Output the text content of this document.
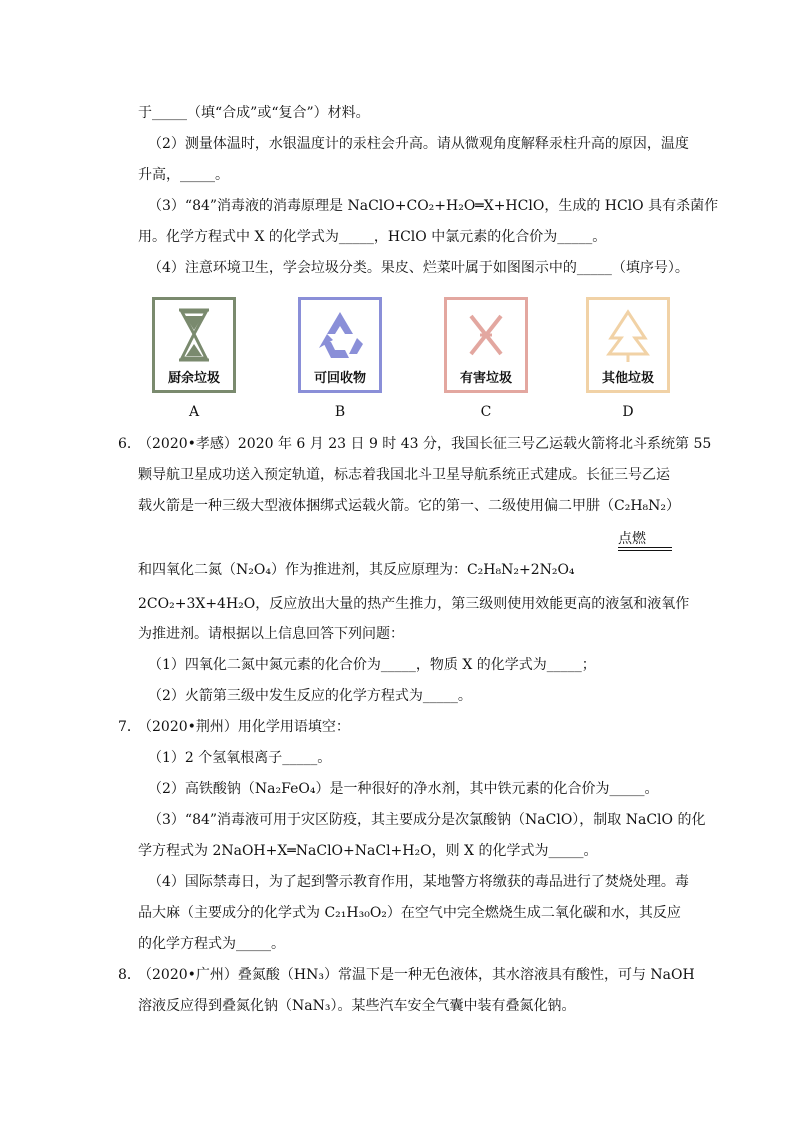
于_____（填“合成”或“复合”）材料。
（2）测量体温时，水银温度计的汞柱会升高。请从微观角度解释汞柱升高的原因，温度
升高，_____。
（3）“84”消毒液的消毒原理是 NaClO+CO₂+H₂O═X+HClO，生成的 HClO 具有杀菌作
用。化学方程式中 X 的化学式为_____，HClO 中氯元素的化合价为_____。
（4）注意环境卫生，学会垃圾分类。果皮、烂菜叶属于如图图示中的_____（填序号）。
厨余垃圾	可回收物	有害垃圾	其他垃圾
A	B	C	D
6．
（2020•孝感）2020 年 6 月 23 日 9 时 43 分，我国长征三号乙运载火箭将北斗系统第 55
颗导航卫星成功送入预定轨道，标志着我国北斗卫星导航系统正式建成。长征三号乙运
载火箭是一种三级大型液体捆绑式运载火箭。它的第一、二级使用偏二甲肼（C₂H₈N₂）
点燃
和四氧化二氮（N₂O₄）作为推进剂，其反应原理为：C₂H₈N₂+2N₂O₄
2CO₂+3X+4H₂O，反应放出大量的热产生推力，第三级则使用效能更高的液氢和液氧作
为推进剂。请根据以上信息回答下列问题：
（1）四氧化二氮中氮元素的化合价为_____，物质 X 的化学式为_____；
（2）火箭第三级中发生反应的化学方程式为_____。
7．
（2020•荆州）用化学用语填空：
（1）2 个氢氧根离子_____。
（2）高铁酸钠（Na₂FeO₄）是一种很好的净水剂，其中铁元素的化合价为_____。
（3）“84”消毒液可用于灾区防疫，其主要成分是次氯酸钠（NaClO），制取 NaClO 的化
学方程式为 2NaOH+X═NaClO+NaCl+H₂O，则 X 的化学式为_____。
（4）国际禁毒日，为了起到警示教育作用，某地警方将缴获的毒品进行了焚烧处理。毒
品大麻（主要成分的化学式为 C₂₁H₃₀O₂）在空气中完全燃烧生成二氧化碳和水，其反应
的化学方程式为_____。
8．
（2020•广州）叠氮酸（HN₃）常温下是一种无色液体，其水溶液具有酸性，可与 NaOH
溶液反应得到叠氮化钠（NaN₃）。某些汽车安全气囊中装有叠氮化钠。
